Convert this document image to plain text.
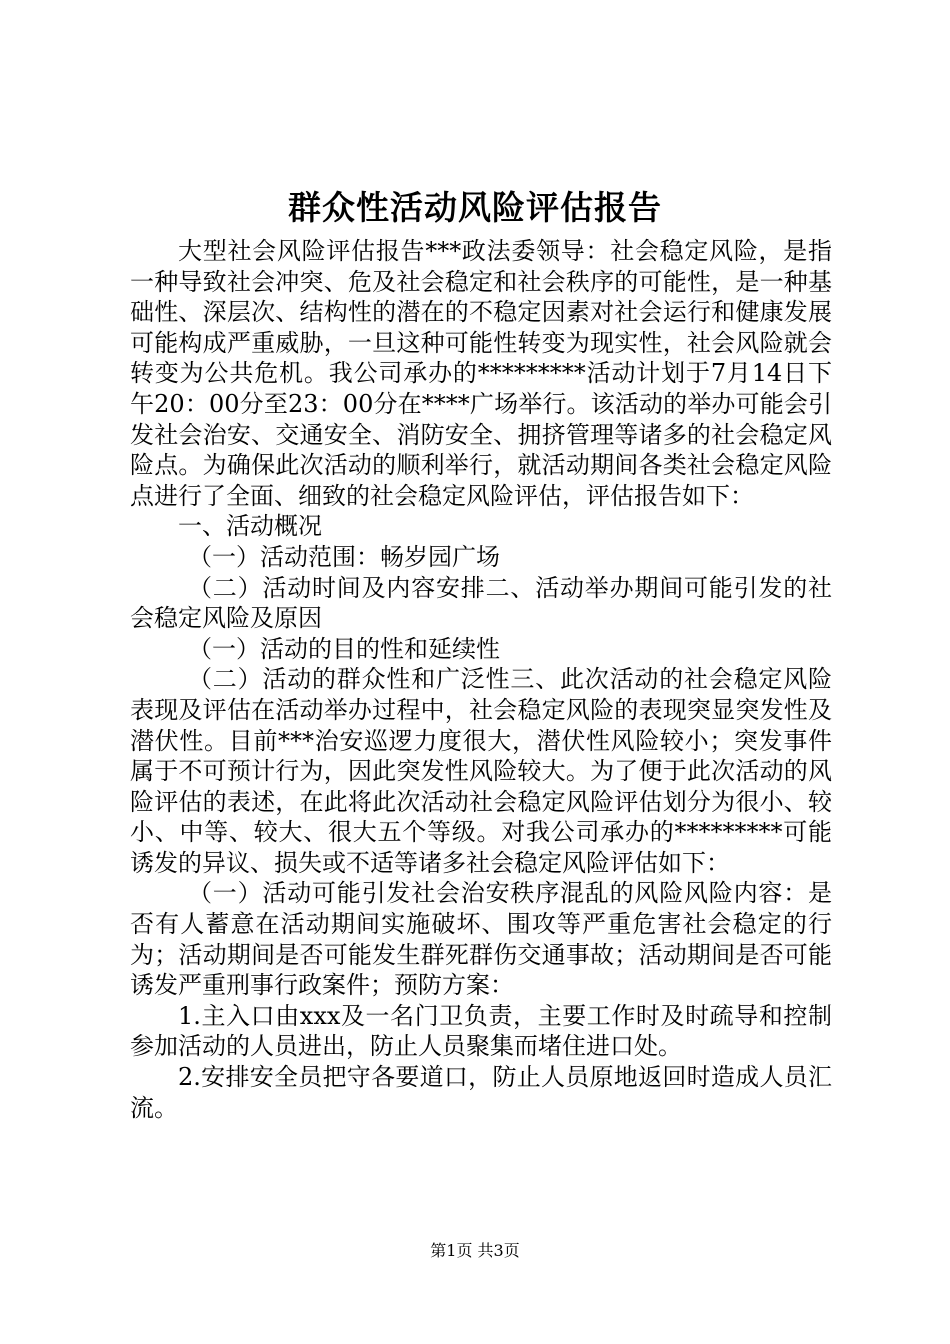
群众性活动风险评估报告

大型社会风险评估报告***政法委领导：社会稳定风险，是指一种导致社会冲突、危及社会稳定和社会秩序的可能性，是一种基础性、深层次、结构性的潜在的不稳定因素对社会运行和健康发展可能构成严重威胁，一旦这种可能性转变为现实性，社会风险就会转变为公共危机。我公司承办的*********活动计划于7月14日下午20：00分至23：00分在****广场举行。该活动的举办可能会引发社会治安、交通安全、消防安全、拥挤管理等诸多的社会稳定风险点。为确保此次活动的顺利举行，就活动期间各类社会稳定风险点进行了全面、细致的社会稳定风险评估，评估报告如下：

一、活动概况

（一）活动范围：畅岁园广场

（二）活动时间及内容安排二、活动举办期间可能引发的社会稳定风险及原因

（一）活动的目的性和延续性

（二）活动的群众性和广泛性三、此次活动的社会稳定风险表现及评估在活动举办过程中，社会稳定风险的表现突显突发性及潜伏性。目前***治安巡逻力度很大，潜伏性风险较小；突发事件属于不可预计行为，因此突发性风险较大。为了便于此次活动的风险评估的表述，在此将此次活动社会稳定风险评估划分为很小、较小、中等、较大、很大五个等级。对我公司承办的*********可能诱发的异议、损失或不适等诸多社会稳定风险评估如下：

（一）活动可能引发社会治安秩序混乱的风险风险内容：是否有人蓄意在活动期间实施破坏、围攻等严重危害社会稳定的行为；活动期间是否可能发生群死群伤交通事故；活动期间是否可能诱发严重刑事行政案件；预防方案：

1.主入口由xxx及一名门卫负责，主要工作时及时疏导和控制参加活动的人员进出，防止人员聚集而堵住进口处。

2.安排安全员把守各要道口，防止人员原地返回时造成人员汇流。

第1页 共3页
